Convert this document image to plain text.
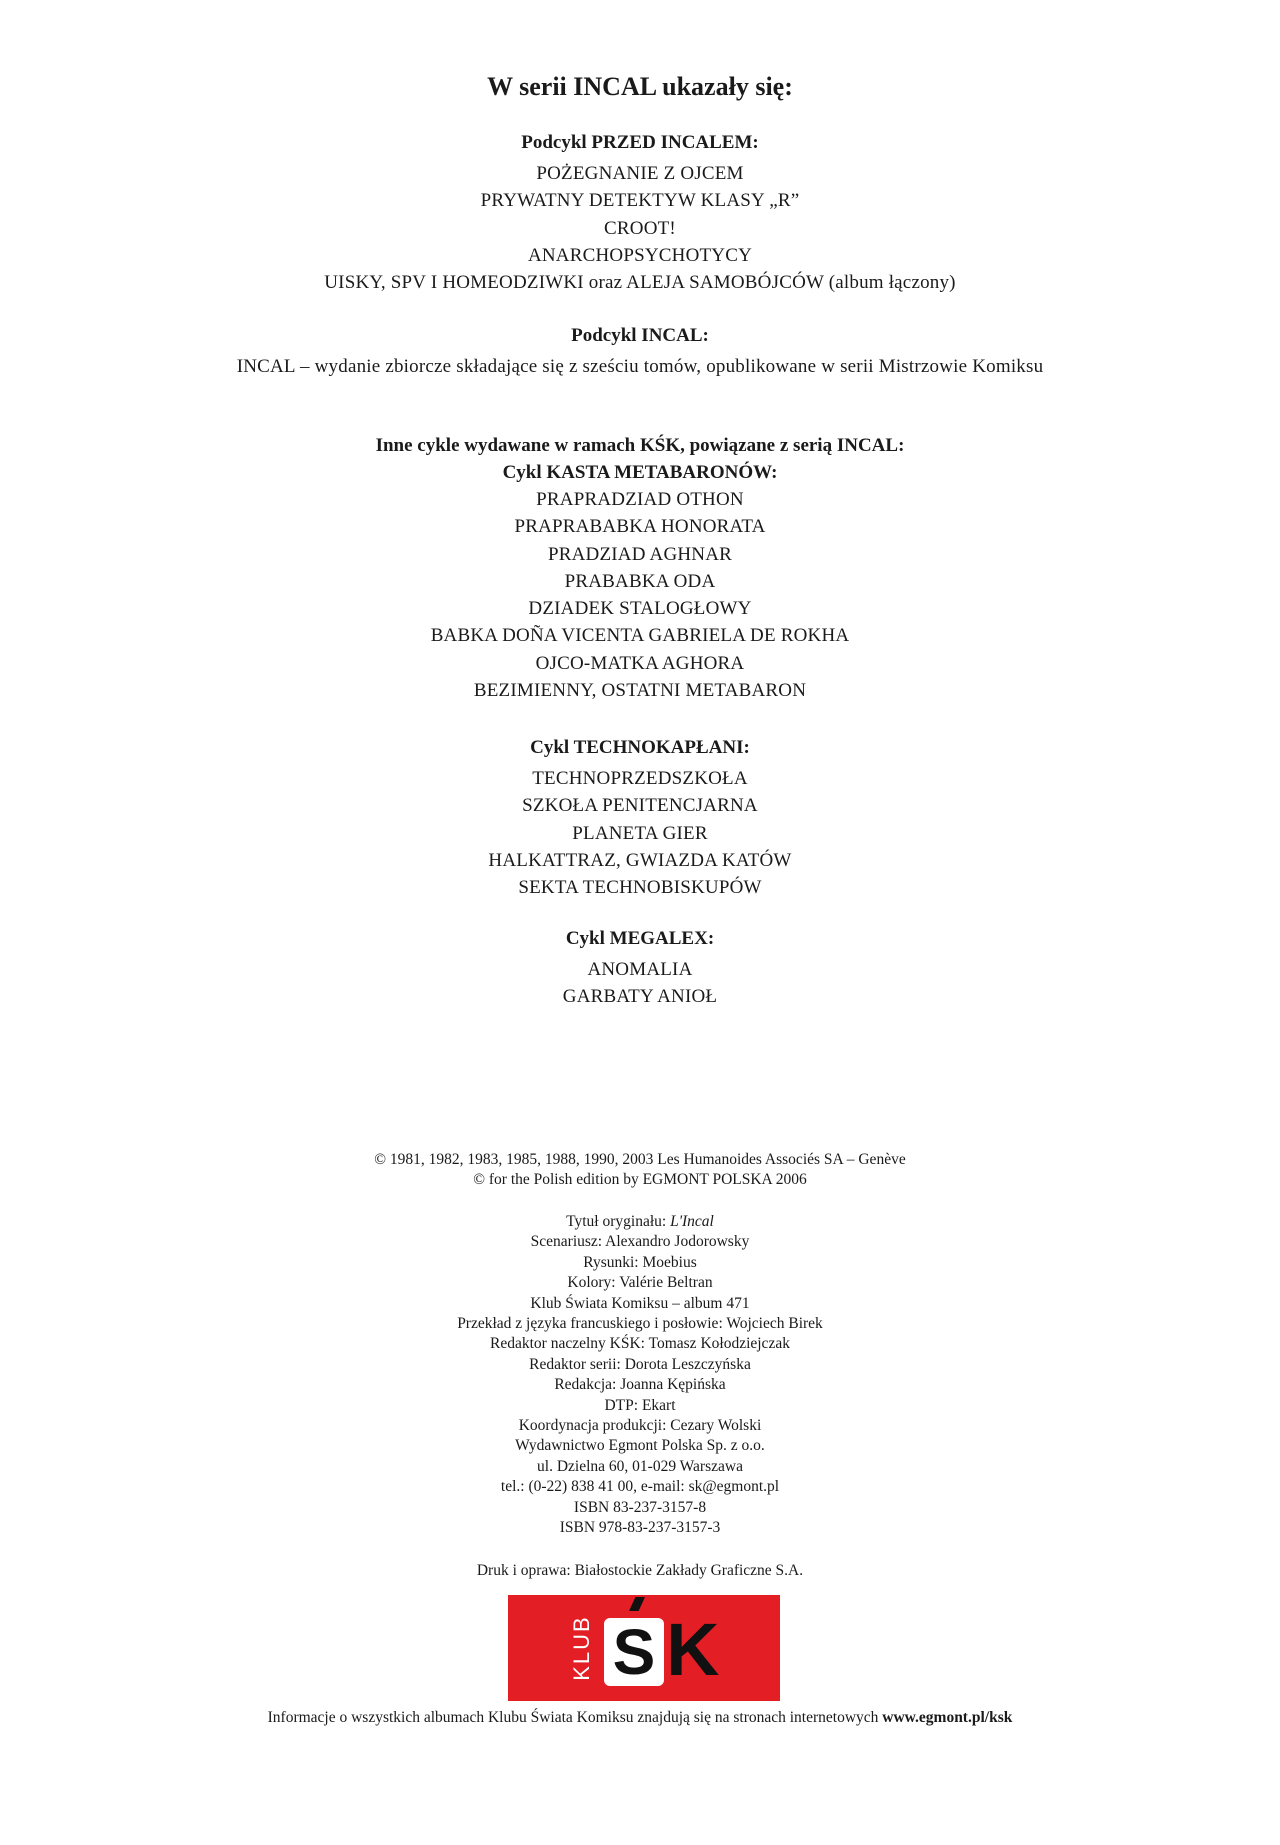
W serii INCAL ukazały się:

Podcykl PRZED INCALEM:

POŻEGNANIE Z OJCEM

PRYWATNY DETEKTYW KLASY „R”

CROOT!

ANARCHOPSYCHOTYCY

UISKY, SPV I HOMEODZIWKI oraz ALEJA SAMOBÓJCÓW (album łączony)

Podcykl INCAL:

INCAL – wydanie zbiorcze składające się z sześciu tomów, opublikowane w serii Mistrzowie Komiksu

Inne cykle wydawane w ramach KŚK, powiązane z serią INCAL:

Cykl KASTA METABARONÓW:

PRAPRADZIAD OTHON

PRAPRABABKA HONORATA

PRADZIAD AGHNAR

PRABABKA ODA

DZIADEK STALOGŁOWY

BABKA DOÑA VICENTA GABRIELA DE ROKHA

OJCO-MATKA AGHORA

BEZIMIENNY, OSTATNI METABARON

Cykl TECHNOKAPŁANI:

TECHNOPRZEDSZKOŁA

SZKOŁA PENITENCJARNA

PLANETA GIER

HALKATTRAZ, GWIAZDA KATÓW

SEKTA TECHNOBISKUPÓW

Cykl MEGALEX:

ANOMALIA

GARBATY ANIOŁ

© 1981, 1982, 1983, 1985, 1988, 1990, 2003 Les Humanoides Associés SA – Genève

© for the Polish edition by EGMONT POLSKA 2006

Tytuł oryginału: L'Incal

Scenariusz: Alexandro Jodorowsky

Rysunki: Moebius

Kolory: Valérie Beltran

Klub Świata Komiksu – album 471

Przekład z języka francuskiego i posłowie: Wojciech Birek

Redaktor naczelny KŚK: Tomasz Kołodziejczak

Redaktor serii: Dorota Leszczyńska

Redakcja: Joanna Kępińska

DTP: Ekart

Koordynacja produkcji: Cezary Wolski

Wydawnictwo Egmont Polska Sp. z o.o.

ul. Dzielna 60, 01-029 Warszawa

tel.: (0-22) 838 41 00, e-mail: sk@egmont.pl

ISBN 83-237-3157-8

ISBN 978-83-237-3157-3

Druk i oprawa: Białostockie Zakłady Graficzne S.A.

KLUB S K
Informacje o wszystkich albumach Klubu Świata Komiksu znajdują się na stronach internetowych www.egmont.pl/ksk
